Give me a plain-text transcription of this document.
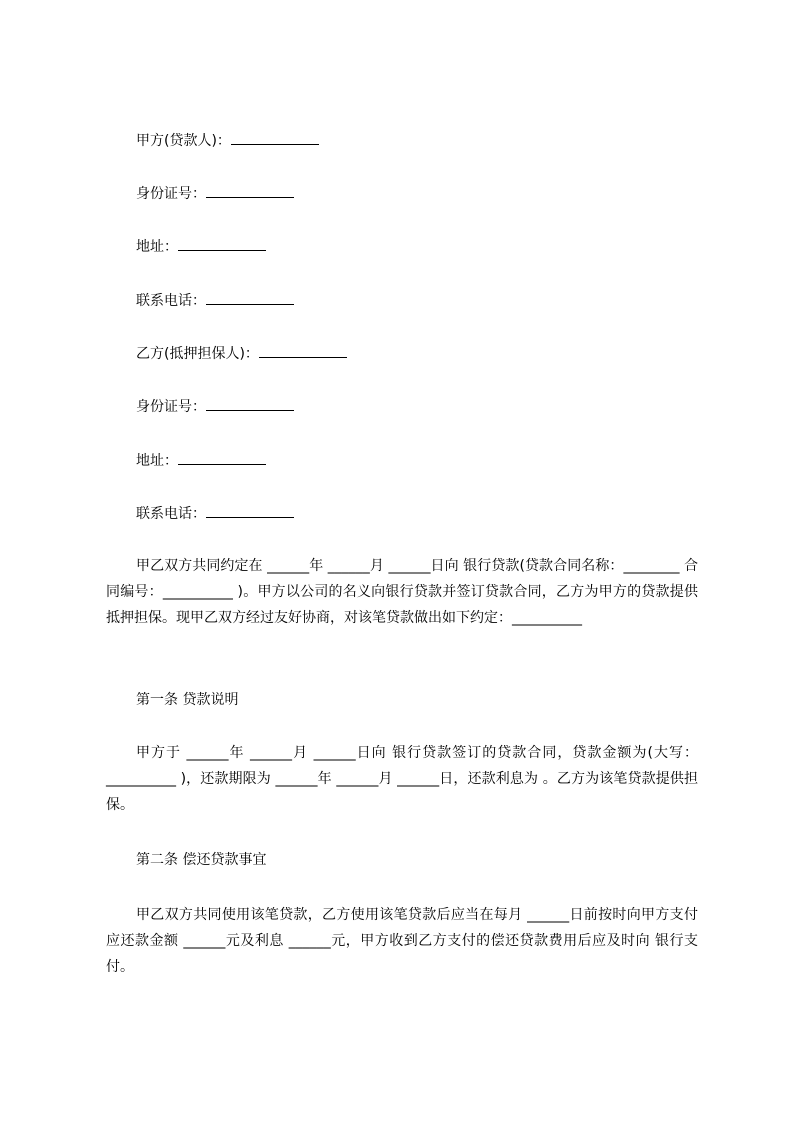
甲方(贷款人)：

身份证号：

地址：

联系电话：

乙方(抵押担保人)：

身份证号：

地址：

联系电话：

甲乙双方共同约定在 ______年 ______月 ______日向 银行贷款(贷款合同名称：________ 合同编号：__________ )。甲方以公司的名义向银行贷款并签订贷款合同，乙方为甲方的贷款提供抵押担保。现甲乙双方经过友好协商，对该笔贷款做出如下约定：__________

第一条 贷款说明

甲方于 ______年 ______月 ______日向 银行贷款签订的贷款合同，贷款金额为(大写：__________ )，还款期限为 ______年 ______月 ______日，还款利息为 。乙方为该笔贷款提供担保。

第二条 偿还贷款事宜

甲乙双方共同使用该笔贷款，乙方使用该笔贷款后应当在每月 ______日前按时向甲方支付应还款金额 ______元及利息 ______元，甲方收到乙方支付的偿还贷款费用后应及时向 银行支付。
